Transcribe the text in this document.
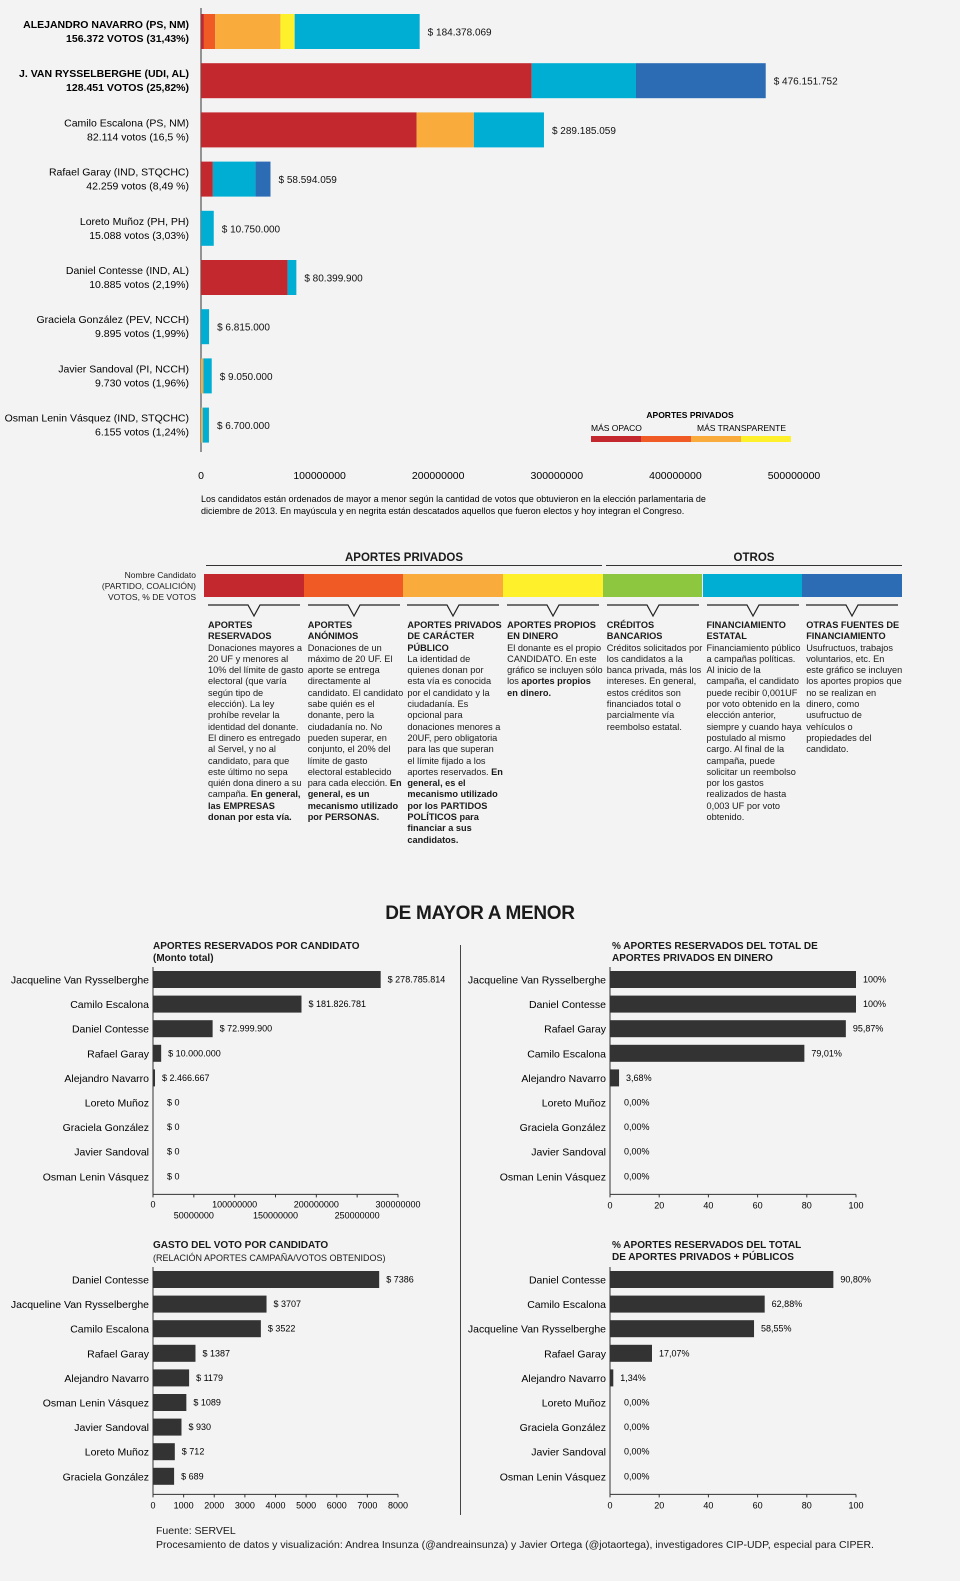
$ 184.378.069
ALEJANDRO NAVARRO (PS, NM)
156.372 VOTOS (31,43%)
$ 476.151.752
J. VAN RYSSELBERGHE (UDI, AL)
128.451 VOTOS (25,82%)
$ 289.185.059
Camilo Escalona (PS, NM)
82.114 votos (16,5 %)
$ 58.594.059
Rafael Garay (IND, STQCHC)
42.259 votos (8,49 %)
$ 10.750.000
Loreto Muñoz (PH, PH)
15.088 votos (3,03%)
$ 80.399.900
Daniel Contesse (IND, AL)
10.885 votos (2,19%)
$ 6.815.000
Graciela González (PEV, NCCH)
9.895 votos (1,99%)
$ 9.050.000
Javier Sandoval (PI, NCCH)
9.730 votos (1,96%)
$ 6.700.000
Osman Lenin Vásquez (IND, STQCHC)
6.155 votos (1,24%)
0	100000000	200000000	300000000	400000000	500000000
APORTES PRIVADOS
MÁS OPACO	MÁS TRANSPARENTE
Los candidatos están ordenados de mayor a menor según la cantidad de votos que obtuvieron en la elección parlamentaria de
diciembre de 2013. En mayúscula y en negrita están descatados aquellos que fueron electos y hoy integran el Congreso.
APORTES PRIVADOS	OTROS
Nombre Candidato
(PARTIDO, COALICIÓN)
VOTOS, % DE VOTOS
APORTES RESERVADOS
Donaciones mayores a 20 UF y menores al 10% del límite de gasto electoral (que varía según tipo de elección). La ley prohíbe revelar la identidad del donante. El dinero es entregado al Servel, y no al candidato, para que este último no sepa quién dona dinero a su campaña. En general, las EMPRESAS donan por esta vía.
APORTES ANÓNIMOS
Donaciones de un máximo de 20 UF. El aporte se entrega directamente al candidato. El candidato sabe quién es el donante, pero la ciudadanía no. No pueden superar, en conjunto, el 20% del límite de gasto electoral establecido para cada elección. En general, es un mecanismo utilizado por PERSONAS.
APORTES PRIVADOS DE CARÁCTER PÚBLICO
La identidad de quienes donan por esta vía es conocida por el candidato y la ciudadanía. Es opcional para donaciones menores a 20UF, pero obligatoria para las que superan el límite fijado a los aportes reservados. En general, es el mecanismo utilizado por los PARTIDOS POLÍTICOS para financiar a sus candidatos.
APORTES PROPIOS EN DINERO
El donante es el propio CANDIDATO. En este gráfico se incluyen sólo los aportes propios en dinero.
CRÉDITOS BANCARIOS
Créditos solicitados por los candidatos a la banca privada, más los intereses. En general, estos créditos son financiados total o parcialmente vía reembolso estatal.
FINANCIAMIENTO ESTATAL
Financiamiento público a campañas políticas. Al inicio de la campaña, el candidato puede recibir 0,001UF por voto obtenido en la elección anterior, siempre y cuando haya postulado al mismo cargo. Al final de la campaña, puede solicitar un reembolso por los gastos realizados de hasta 0,003 UF por voto obtenido.
OTRAS FUENTES DE FINANCIAMIENTO
Usufructuos, trabajos voluntarios, etc. En este gráfico se incluyen los aportes propios que no se realizan en dinero, como usufructuo de vehículos o propiedades del candidato.
DE MAYOR A MENOR
APORTES RESERVADOS POR CANDIDATO
(Monto total)
% APORTES RESERVADOS DEL TOTAL DE APORTES PRIVADOS EN DINERO
GASTO DEL VOTO POR CANDIDATO
(RELACIÓN APORTES CAMPAÑA/VOTOS OBTENIDOS)
% APORTES RESERVADOS DEL TOTAL DE APORTES PRIVADOS + PÚBLICOS
Jacqueline Van Rysselberghe	$ 278.785.814
Camilo Escalona	$ 181.826.781
Daniel Contesse	$ 72.999.900
Rafael Garay $ 10.000.000
Alejandro Navarro $ 2.466.667
Loreto Muñoz $ 0
Graciela González $ 0
Javier Sandoval $ 0
Osman Lenin Vásquez $ 0
0	100000000	200000000	300000000
50000000	150000000	250000000
Jacqueline Van Rysselberghe	100%
Daniel Contesse	100%
Rafael Garay	95,87%
Camilo Escalona	79,01%
Alejandro Navarro 3,68%
Loreto Muñoz 0,00%
Graciela González 0,00%
Javier Sandoval 0,00%
Osman Lenin Vásquez 0,00%
0	20	40	60	80	100
Daniel Contesse	$ 7386
Jacqueline Van Rysselberghe	$ 3707
Camilo Escalona	$ 3522
Rafael Garay	$ 1387
Alejandro Navarro	$ 1179
Osman Lenin Vásquez	$ 1089
Javier Sandoval	$ 930
Loreto Muñoz	$ 712
Graciela González	$ 689
0 1000 2000 3000 4000 5000 6000 7000 8000
Daniel Contesse	90,80%
Camilo Escalona	62,88%
Jacqueline Van Rysselberghe	58,55%
Rafael Garay	17,07%
Alejandro Navarro 1,34%
Loreto Muñoz 0,00%
Graciela González 0,00%
Javier Sandoval 0,00%
Osman Lenin Vásquez 0,00%
0	20	40	60	80	100
Fuente: SERVEL
Procesamiento de datos y visualización: Andrea Insunza (@andreainsunza) y Javier Ortega (@jotaortega), investigadores CIP-UDP, especial para CIPER.
